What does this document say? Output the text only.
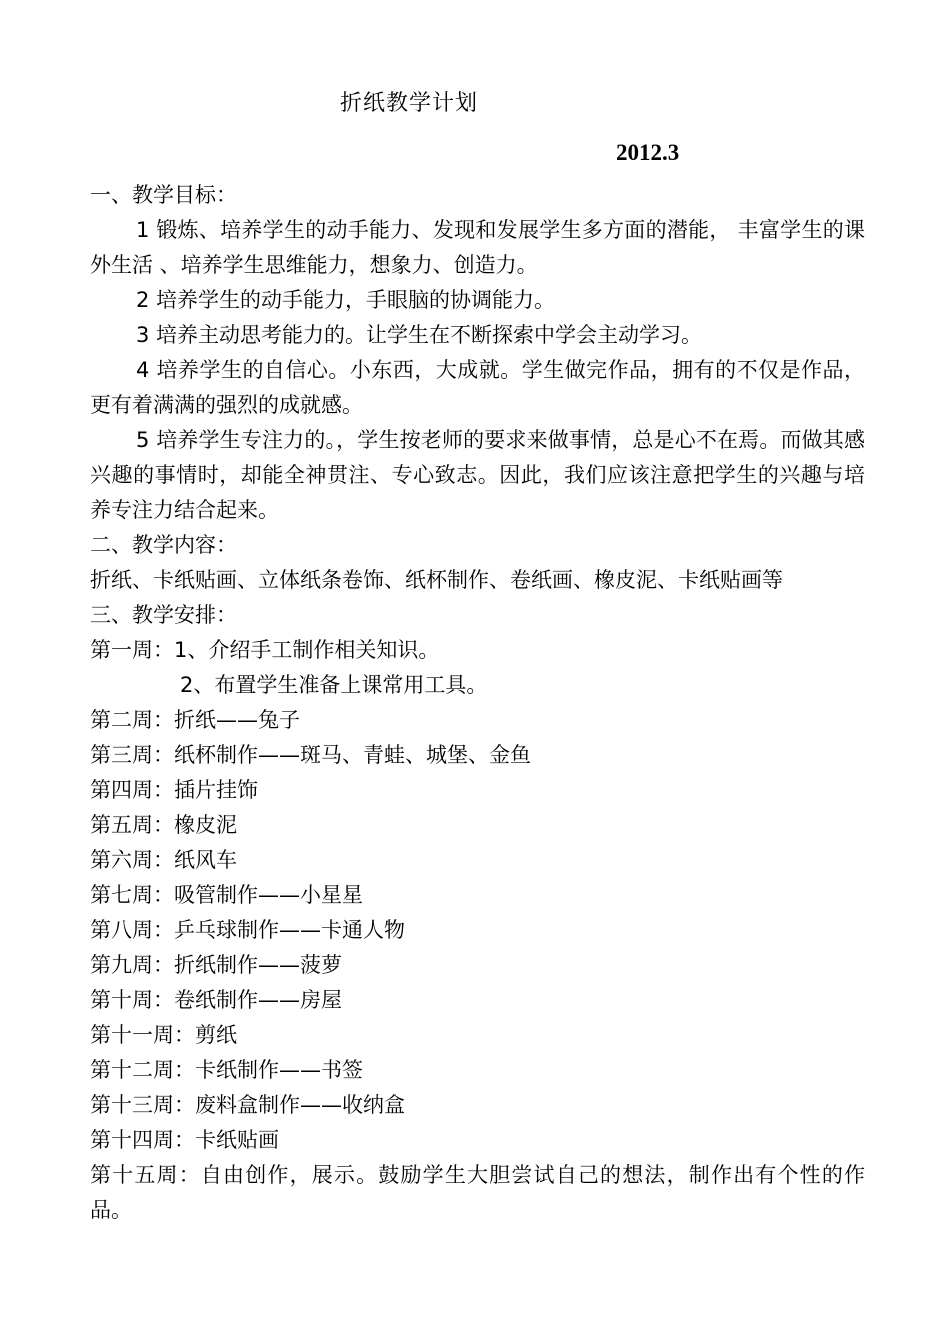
折纸教学计划
2012.3
一、教学目标：
1 锻炼、培养学生的动手能力、发现和发展学生多方面的潜能， 丰富学生的课外生活 、培养学生思维能力，想象力、创造力。
2 培养学生的动手能力，手眼脑的协调能力。
3 培养主动思考能力的。让学生在不断探索中学会主动学习。
4 培养学生的自信心。小东西，大成就。学生做完作品，拥有的不仅是作品，更有着满满的强烈的成就感。
5 培养学生专注力的。，学生按老师的要求来做事情，总是心不在焉。而做其感兴趣的事情时，却能全神贯注、专心致志。因此，我们应该注意把学生的兴趣与培养专注力结合起来。
二、教学内容：
折纸、卡纸贴画、立体纸条卷饰、纸杯制作、卷纸画、橡皮泥、卡纸贴画等
三、教学安排：
第一周：1、介绍手工制作相关知识。
2、布置学生准备上课常用工具。
第二周：折纸——兔子
第三周：纸杯制作——斑马、青蛙、城堡、金鱼
第四周：插片挂饰
第五周：橡皮泥
第六周：纸风车
第七周：吸管制作——小星星
第八周：乒乓球制作——卡通人物
第九周：折纸制作——菠萝
第十周：卷纸制作——房屋
第十一周：剪纸
第十二周：卡纸制作——书签
第十三周：废料盒制作——收纳盒
第十四周：卡纸贴画
第十五周：自由创作，展示。鼓励学生大胆尝试自己的想法，制作出有个性的作品。
